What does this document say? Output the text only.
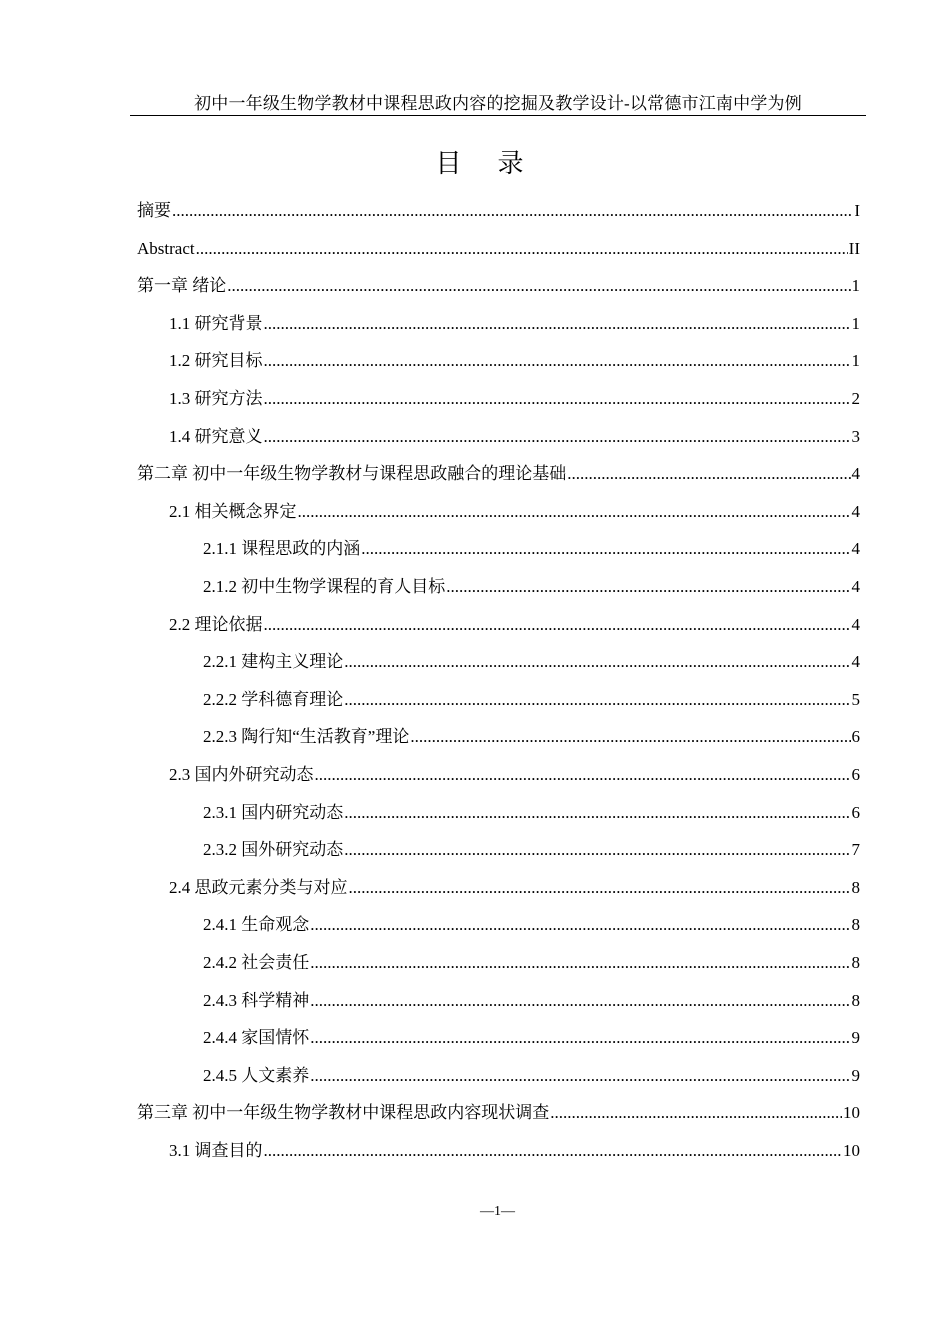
初中一年级生物学教材中课程思政内容的挖掘及教学设计-以常德市江南中学为例
目录
摘要 .....	I
Abstract .....	II
第一章 绪论 .....	1
1.1 研究背景 .....	1
1.2 研究目标 .....	1
1.3 研究方法 .....	2
1.4 研究意义 .....	3
第二章 初中一年级生物学教材与课程思政融合的理论基础 .....	4
2.1 相关概念界定 .....	4
2.1.1 课程思政的内涵 .....	4
2.1.2 初中生物学课程的育人目标 .....	4
2.2 理论依据 .....	4
2.2.1 建构主义理论 .....	4
2.2.2 学科德育理论 .....	5
2.2.3 陶行知“生活教育”理论 .....	6
2.3 国内外研究动态 .....	6
2.3.1 国内研究动态 .....	6
2.3.2 国外研究动态 .....	7
2.4 思政元素分类与对应 .....	8
2.4.1 生命观念 .....	8
2.4.2 社会责任 .....	8
2.4.3 科学精神 .....	8
2.4.4 家国情怀 .....	9
2.4.5 人文素养 .....	9
第三章 初中一年级生物学教材中课程思政内容现状调查 .....	10
3.1 调查目的 .....	10
—1—
